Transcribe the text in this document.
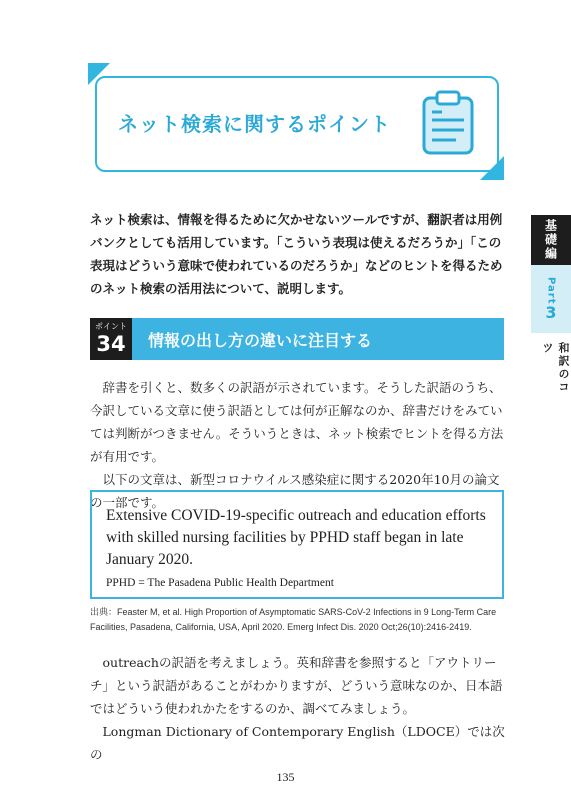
ネット検索に関するポイント
ネット検索は、情報を得るために欠かせないツールですが、翻訳者は用例バンクとしても活用しています。「こういう表現は使えるだろうか」「この表現はどういう意味で使われているのだろうか」などのヒントを得るためのネット検索の活用法について、説明します。
基礎編
Part
3
和訳のコツ
ポイント
34	情報の出し方の違いに注目する

辞書を引くと、数多くの訳語が示されています。そうした訳語のうち、今訳している文章に使う訳語としては何が正解なのか、辞書だけをみていては判断がつきません。そういうときは、ネット検索でヒントを得る方法が有用です。

以下の文章は、新型コロナウイルス感染症に関する2020年10月の論文の一部です。

Extensive COVID-19-specific outreach and education efforts with skilled nursing facilities by PPHD staff began in late January 2020.
PPHD = The Pasadena Public Health Department
出典：Feaster M, et al. High Proportion of Asymptomatic SARS-CoV-2 Infections in 9 Long-Term Care Facilities, Pasadena, California, USA, April 2020. Emerg Infect Dis. 2020 Oct;26(10):2416-2419.

outreachの訳語を考えましょう。英和辞書を参照すると「アウトリーチ」という訳語があることがわかりますが、どういう意味なのか、日本語ではどういう使われかたをするのか、調べてみましょう。

Longman Dictionary of Contemporary English（LDOCE）では次の

135
